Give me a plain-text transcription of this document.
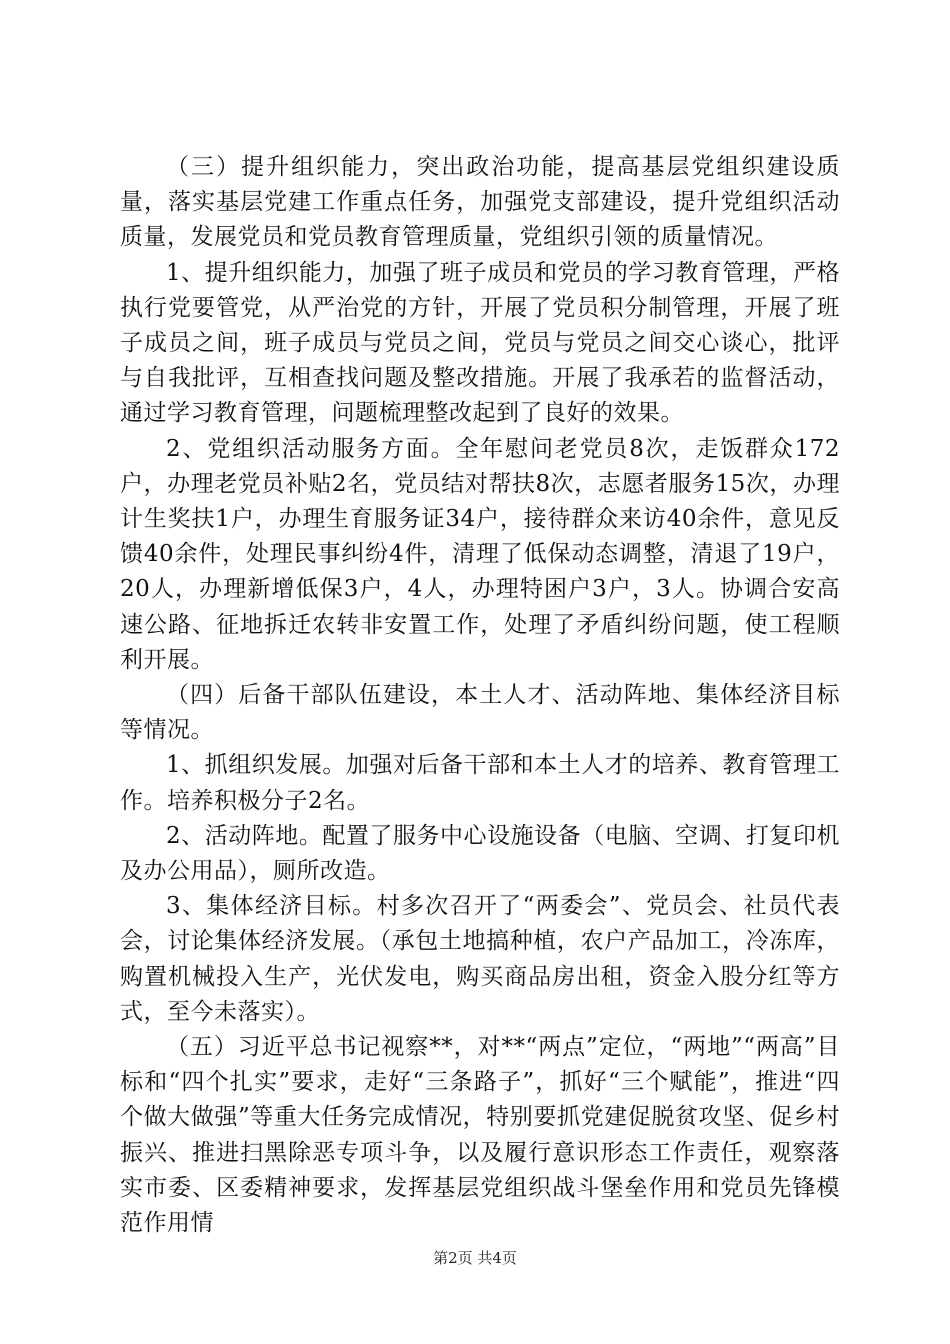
（三）提升组织能力，突出政治功能，提高基层党组织建设质量，落实基层党建工作重点任务，加强党支部建设，提升党组织活动质量，发展党员和党员教育管理质量，党组织引领的质量情况。

1、提升组织能力，加强了班子成员和党员的学习教育管理，严格执行党要管党，从严治党的方针，开展了党员积分制管理，开展了班子成员之间，班子成员与党员之间，党员与党员之间交心谈心，批评与自我批评，互相查找问题及整改措施。开展了我承若的监督活动，通过学习教育管理，问题梳理整改起到了良好的效果。

2、党组织活动服务方面。全年慰问老党员8次，走饭群众172户，办理老党员补贴2名，党员结对帮扶8次，志愿者服务15次，办理计生奖扶1户，办理生育服务证34户，接待群众来访40余件，意见反馈40余件，处理民事纠纷4件，清理了低保动态调整，清退了19户，20人，办理新增低保3户，4人，办理特困户3户，3人。协调合安高速公路、征地拆迁农转非安置工作，处理了矛盾纠纷问题，使工程顺利开展。

（四）后备干部队伍建设，本土人才、活动阵地、集体经济目标等情况。

1、抓组织发展。加强对后备干部和本土人才的培养、教育管理工作。培养积极分子2名。

2、活动阵地。配置了服务中心设施设备（电脑、空调、打复印机及办公用品），厕所改造。

3、集体经济目标。村多次召开了“两委会”、党员会、社员代表会，讨论集体经济发展。（承包土地搞种植，农户产品加工，冷冻库，购置机械投入生产，光伏发电，购买商品房出租，资金入股分红等方式，至今未落实）。

（五）习近平总书记视察**，对**“两点”定位，“两地”“两高”目标和“四个扎实”要求，走好“三条路子”，抓好“三个赋能”，推进“四个做大做强”等重大任务完成情况，特别要抓党建促脱贫攻坚、促乡村振兴、推进扫黑除恶专项斗争，以及履行意识形态工作责任，观察落实市委、区委精神要求，发挥基层党组织战斗堡垒作用和党员先锋模范作用情

第2页 共4页
